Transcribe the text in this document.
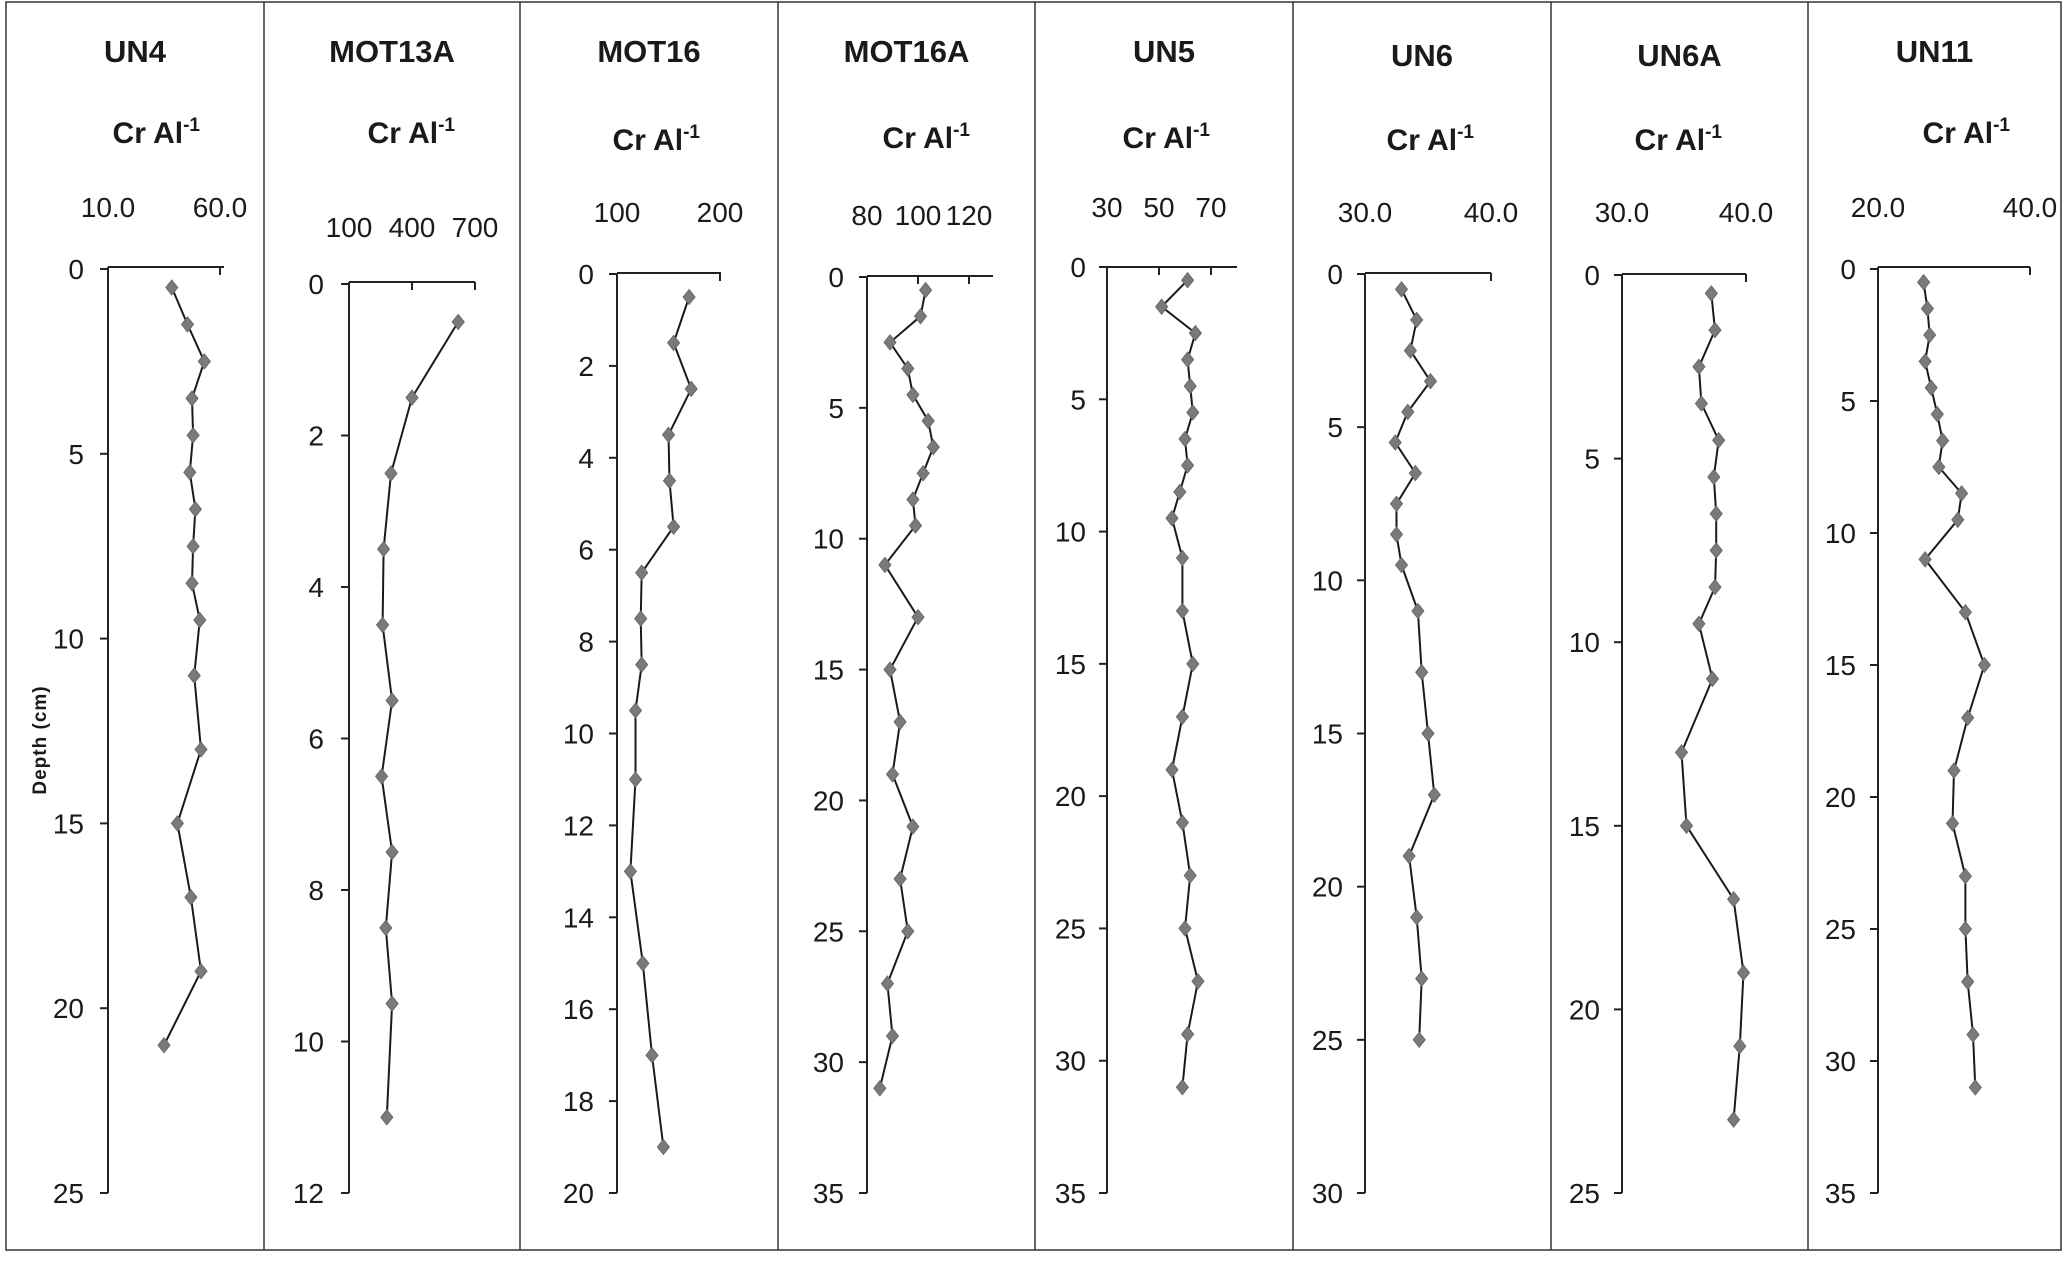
UN4
Cr $Al^{-1}$
10.0 60.0
0
5
10
15
20
25
Depth (cm)
MOT13A
Cr $Al^{-1}$
100 400 700
0
2
4
6
8
10
12
MOT16
Cr $Al^{-1}$
100 200
0
2
4
6
8
10
12
14
16
18
20
MOT16A
Cr $Al^{-1}$
80 100 120
0
5
10
15
20
25
30
35
UN5
Cr $Al^{-1}$
30 50 70
0
5
10
15
20
25
30
35
UN6
Cr $Al^{-1}$
30.0	40.0
0
5
10
15
20
25
30
UN6A
Cr $Al^{-1}$
30.0 40.0
0
5
10
15
20
25
UN11
Cr $Al^{-1}$
20.0	40.0
0
5
10
15
20
25
30
35
